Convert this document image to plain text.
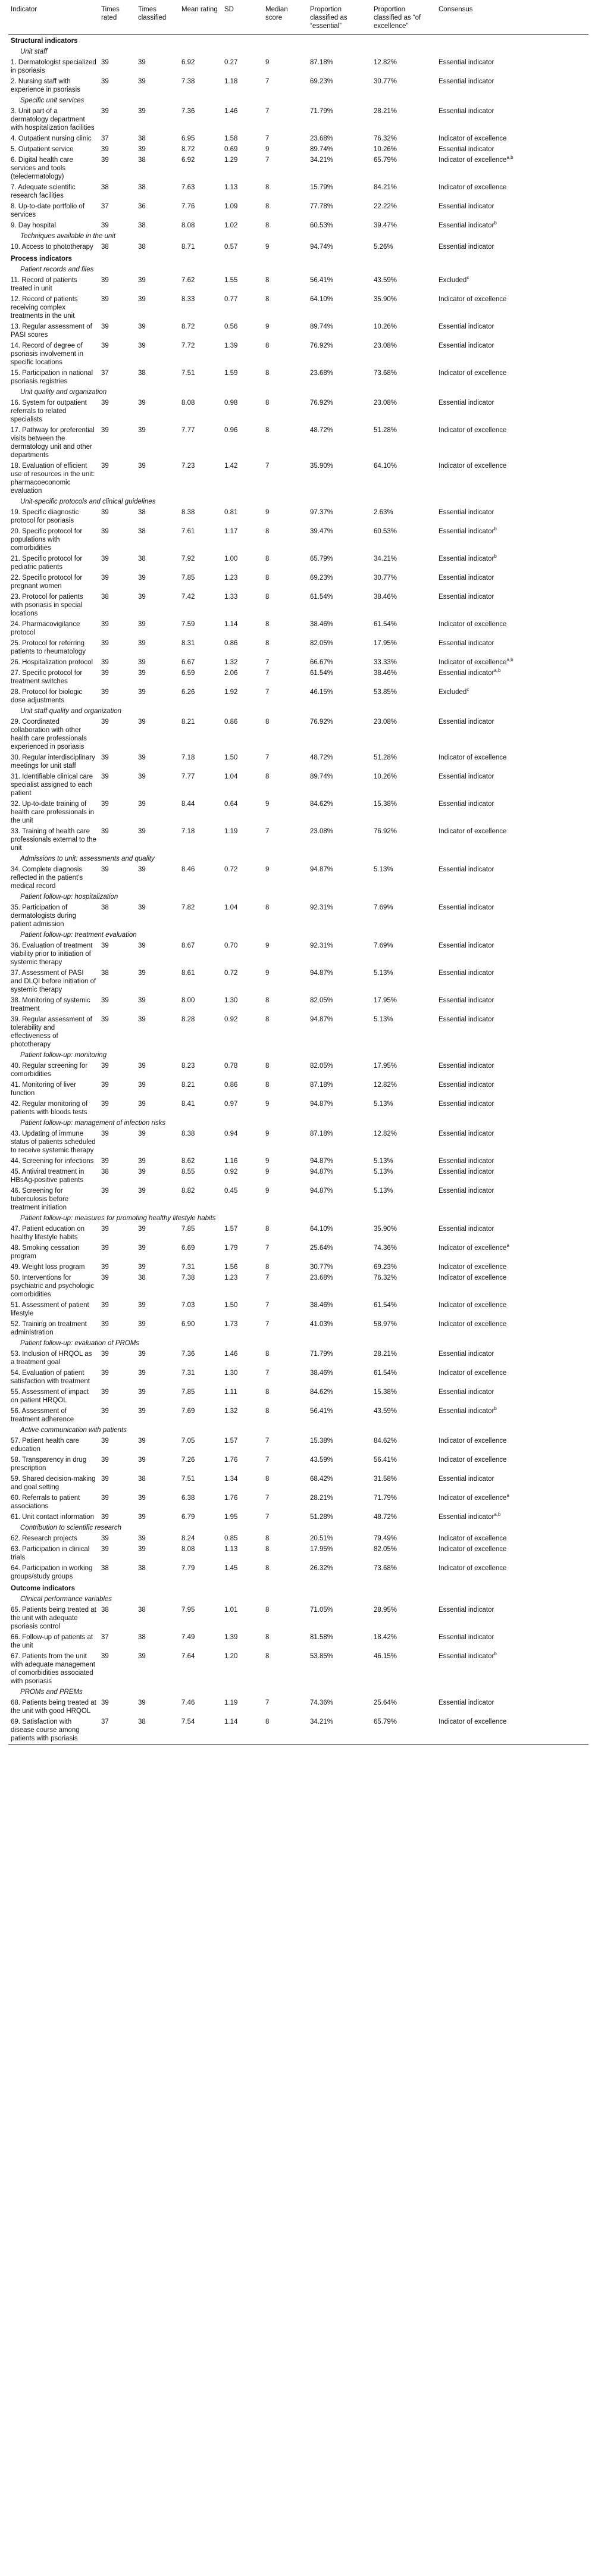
Indicator	Times rated	Times classified	Mean rating	SD	Median score	Proportion classified as “essential”	Proportion classified as “of excellence”	Consensus
Structural indicators								
Unit staff								
1. Dermatologist specialized in psoriasis	39	39	6.92	0.27	9	87.18%	12.82%	Essential indicator
2. Nursing staff with experience in psoriasis	39	39	7.38	1.18	7	69.23%	30.77%	Essential indicator
Specific unit services								
3. Unit part of a dermatology department with hospitalization facilities	39	39	7.36	1.46	7	71.79%	28.21%	Essential indicator
4. Outpatient nursing clinic	37	38	6.95	1.58	7	23.68%	76.32%	Indicator of excellence
5. Outpatient service	39	39	8.72	0.69	9	89.74%	10.26%	Essential indicator
6. Digital health care services and tools (teledermatology)	39	38	6.92	1.29	7	34.21%	65.79%	Indicator of excellence$^{a,b}$
7. Adequate scientific research facilities	38	38	7.63	1.13	8	15.79%	84.21%	Indicator of excellence
8. Up-to-date portfolio of services	37	36	7.76	1.09	8	77.78%	22.22%	Essential indicator
9. Day hospital	39	38	8.08	1.02	8	60.53%	39.47%	Essential indicator$^b$
Techniques available in the unit								
10. Access to phototherapy	38	38	8.71	0.57	9	94.74%	5.26%	Essential indicator
Process indicators								
Patient records and files								
11. Record of patients treated in unit	39	39	7.62	1.55	8	56.41%	43.59%	Excluded$^c$
12. Record of patients receiving complex treatments in the unit	39	39	8.33	0.77	8	64.10%	35.90%	Indicator of excellence
13. Regular assessment of PASI scores	39	39	8.72	0.56	9	89.74%	10.26%	Essential indicator
14. Record of degree of psoriasis involvement in specific locations	39	39	7.72	1.39	8	76.92%	23.08%	Essential indicator
15. Participation in national psoriasis registries	37	38	7.51	1.59	8	23.68%	73.68%	Indicator of excellence
Unit quality and organization								
16. System for outpatient referrals to related specialists	39	39	8.08	0.98	8	76.92%	23.08%	Essential indicator
17. Pathway for preferential visits between the dermatology unit and other departments	39	39	7.77	0.96	8	48.72%	51.28%	Indicator of excellence
18. Evaluation of efficient use of resources in the unit: pharmacoeconomic evaluation	39	39	7.23	1.42	7	35.90%	64.10%	Indicator of excellence
Unit-specific protocols and clinical guidelines								
19. Specific diagnostic protocol for psoriasis	39	38	8.38	0.81	9	97.37%	2.63%	Essential indicator
20. Specific protocol for populations with comorbidities	39	38	7.61	1.17	8	39.47%	60.53%	Essential indicator$^b$
21. Specific protocol for pediatric patients	39	38	7.92	1.00	8	65.79%	34.21%	Essential indicator$^b$
22. Specific protocol for pregnant women	39	39	7.85	1.23	8	69.23%	30.77%	Essential indicator
23. Protocol for patients with psoriasis in special locations	38	39	7.42	1.33	8	61.54%	38.46%	Essential indicator
24. Pharmacovigilance protocol	39	39	7.59	1.14	8	38.46%	61.54%	Indicator of excellence
25. Protocol for referring patients to rheumatology	39	39	8.31	0.86	8	82.05%	17.95%	Essential indicator
26. Hospitalization protocol	39	39	6.67	1.32	7	66.67%	33.33%	Indicator of excellence$^{a,b}$
27. Specific protocol for treatment switches	39	39	6.59	2.06	7	61.54%	38.46%	Essential indicator$^{a,b}$
28. Protocol for biologic dose adjustments	39	39	6.26	1.92	7	46.15%	53.85%	Excluded$^c$
Unit staff quality and organization								
29. Coordinated collaboration with other health care professionals experienced in psoriasis	39	39	8.21	0.86	8	76.92%	23.08%	Essential indicator
30. Regular interdisciplinary meetings for unit staff	39	39	7.18	1.50	7	48.72%	51.28%	Indicator of excellence
31. Identifiable clinical care specialist assigned to each patient	39	39	7.77	1.04	8	89.74%	10.26%	Essential indicator
32. Up-to-date training of health care professionals in the unit	39	39	8.44	0.64	9	84.62%	15.38%	Essential indicator
33. Training of health care professionals external to the unit	39	39	7.18	1.19	7	23.08%	76.92%	Indicator of excellence
Admissions to unit: assessments and quality								
34. Complete diagnosis reflected in the patient's medical record	39	39	8.46	0.72	9	94.87%	5.13%	Essential indicator
Patient follow-up: hospitalization								
35. Participation of dermatologists during patient admission	38	39	7.82	1.04	8	92.31%	7.69%	Essential indicator
Patient follow-up: treatment evaluation								
36. Evaluation of treatment viability prior to initiation of systemic therapy	39	39	8.67	0.70	9	92.31%	7.69%	Essential indicator
37. Assessment of PASI and DLQI before initiation of systemic therapy	38	39	8.61	0.72	9	94.87%	5.13%	Essential indicator
38. Monitoring of systemic treatment	39	39	8.00	1.30	8	82.05%	17.95%	Essential indicator
39. Regular assessment of tolerability and effectiveness of phototherapy	39	39	8.28	0.92	8	94.87%	5.13%	Essential indicator
Patient follow-up: monitoring								
40. Regular screening for comorbidities	39	39	8.23	0.78	8	82.05%	17.95%	Essential indicator
41. Monitoring of liver function	39	39	8.21	0.86	8	87.18%	12.82%	Essential indicator
42. Regular monitoring of patients with bloods tests	39	39	8.41	0.97	9	94.87%	5.13%	Essential indicator
Patient follow-up: management of infection risks								
43. Updating of immune status of patients scheduled to receive systemic therapy	39	39	8.38	0.94	9	87.18%	12.82%	Essential indicator
44. Screening for infections	39	39	8.62	1.16	9	94.87%	5.13%	Essential indicator
45. Antiviral treatment in HBsAg-positive patients	38	39	8.55	0.92	9	94.87%	5.13%	Essential indicator
46. Screening for tuberculosis before treatment initiation	39	39	8.82	0.45	9	94.87%	5.13%	Essential indicator
Patient follow-up: measures for promoting healthy lifestyle habits								
47. Patient education on healthy lifestyle habits	39	39	7.85	1.57	8	64.10%	35.90%	Essential indicator
48. Smoking cessation program	39	39	6.69	1.79	7	25.64%	74.36%	Indicator of excellence$^a$
49. Weight loss program	39	39	7.31	1.56	8	30.77%	69.23%	Indicator of excellence
50. Interventions for psychiatric and psychologic comorbidities	39	38	7.38	1.23	7	23.68%	76.32%	Indicator of excellence
51. Assessment of patient lifestyle	39	39	7.03	1.50	7	38.46%	61.54%	Indicator of excellence
52. Training on treatment administration	39	39	6.90	1.73	7	41.03%	58.97%	Indicator of excellence
Patient follow-up: evaluation of PROMs								
53. Inclusion of HRQOL as a treatment goal	39	39	7.36	1.46	8	71.79%	28.21%	Essential indicator
54. Evaluation of patient satisfaction with treatment	39	39	7.31	1.30	7	38.46%	61.54%	Indicator of excellence
55. Assessment of impact on patient HRQOL	39	39	7.85	1.11	8	84.62%	15.38%	Essential indicator
56. Assessment of treatment adherence	39	39	7.69	1.32	8	56.41%	43.59%	Essential indicator$^b$
Active communication with patients								
57. Patient health care education	39	39	7.05	1.57	7	15.38%	84.62%	Indicator of excellence
58. Transparency in drug prescription	39	39	7.26	1.76	7	43.59%	56.41%	Indicator of excellence
59. Shared decision-making and goal setting	39	38	7.51	1.34	8	68.42%	31.58%	Essential indicator
60. Referrals to patient associations	39	39	6.38	1.76	7	28.21%	71.79%	Indicator of excellence$^a$
61. Unit contact information	39	39	6.79	1.95	7	51.28%	48.72%	Essential indicator$^{a,b}$
Contribution to scientific research								
62. Research projects	39	39	8.24	0.85	8	20.51%	79.49%	Indicator of excellence
63. Participation in clinical trials	39	39	8.08	1.13	8	17.95%	82.05%	Indicator of excellence
64. Participation in working groups/study groups	38	38	7.79	1.45	8	26.32%	73.68%	Indicator of excellence
Outcome indicators								
Clinical performance variables								
65. Patients being treated at the unit with adequate psoriasis control	38	38	7.95	1.01	8	71.05%	28.95%	Essential indicator
66. Follow-up of patients at the unit	37	38	7.49	1.39	8	81.58%	18.42%	Essential indicator
67. Patients from the unit with adequate management of comorbidities associated with psoriasis	39	39	7.64	1.20	8	53.85%	46.15%	Essential indicator$^b$
PROMs and PREMs								
68. Patients being treated at the unit with good HRQOL	39	39	7.46	1.19	7	74.36%	25.64%	Essential indicator
69. Satisfaction with disease course among patients with psoriasis	37	38	7.54	1.14	8	34.21%	65.79%	Indicator of excellence
